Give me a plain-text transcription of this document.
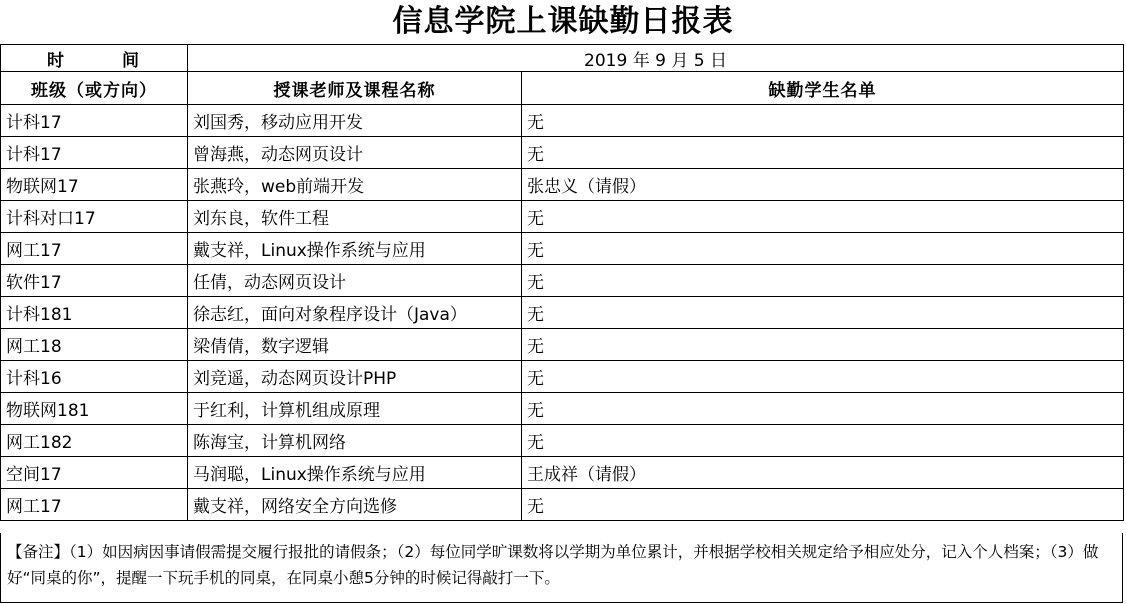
信息学院上课缺勤日报表
时 间	2019 年 9 月 5 日	
班级（或方向）	授课老师及课程名称	缺勤学生名单
计科17	刘国秀，移动应用开发	无
计科17	曾海燕，动态网页设计	无
物联网17	张燕玲，web前端开发	张忠义（请假）
计科对口17	刘东良，软件工程	无
网工17	戴支祥，Linux操作系统与应用	无
软件17	任倩，动态网页设计	无
计科181	徐志红，面向对象程序设计（Java）	无
网工18	梁倩倩，数字逻辑	无
计科16	刘竞遥，动态网页设计PHP	无
物联网181	于红利，计算机组成原理	无
网工182	陈海宝，计算机网络	无
空间17	马润聪，Linux操作系统与应用	王成祥（请假）
网工17	戴支祥，网络安全方向选修	无
【备注】（1）如因病因事请假需提交履行报批的请假条；（2）每位同学旷课数将以学期为单位累计，并根据学校相关规定给予相应处分，记入个人档案；（3）做好“同桌的你”，提醒一下玩手机的同桌，在同桌小憩5分钟的时候记得敲打一下。
